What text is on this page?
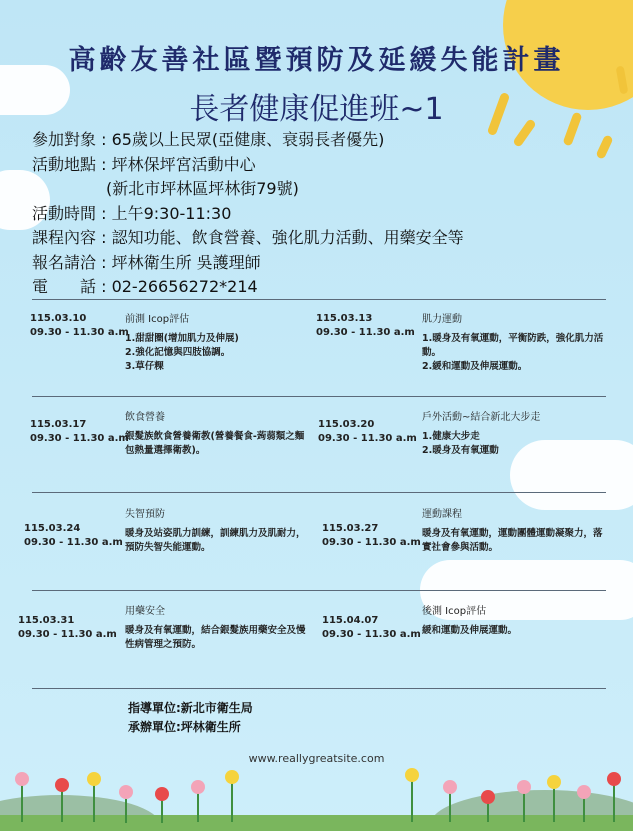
高齡友善社區暨預防及延緩失能計畫
長者健康促進班~1
參加對象 : 65歲以上民眾(亞健康、衰弱長者優先)
活動地點 : 坪林保坪宮活動中心
(新北市坪林區坪林街79號)
活動時間 : 上午9:30-11:30
課程內容 : 認知功能、飲食營養、強化肌力活動、用藥安全等
報名請洽 : 坪林衛生所 吳護理師
電　　話 : 02-26656272*214
115.03.10
09.30 - 11.30 a.m
前測 Icop評估
1.甜甜圈(增加肌力及伸展)
2.強化記憶與四肢協調。
3.草仔粿
115.03.13
09.30 - 11.30 a.m
肌力運動
1.暖身及有氧運動，平衡防跌，強化肌力活動。
2.緩和運動及伸展運動。
115.03.17
09.30 - 11.30 a.m
飲食營養
銀髮族飲食營養衛教(營養餐食-蒟蒻類之麵包熱量選擇衛教)。
115.03.20
09.30 - 11.30 a.m
戶外活動~結合新北大步走
1.健康大步走
2.暖身及有氧運動
115.03.24
09.30 - 11.30 a.m
失智預防
暖身及站姿肌力訓練，訓練肌力及肌耐力，預防失智失能運動。
115.03.27
09.30 - 11.30 a.m
運動課程
暖身及有氧運動，運動團體運動凝聚力，落實社會參與活動。
115.03.31
09.30 - 11.30 a.m
用藥安全
暖身及有氧運動，結合銀髮族用藥安全及慢性病管理之預防。
115.04.07
09.30 - 11.30 a.m
後測 Icop評估
緩和運動及伸展運動。
指導單位:新北市衛生局
承辦單位:坪林衛生所
www.reallygreatsite.com
